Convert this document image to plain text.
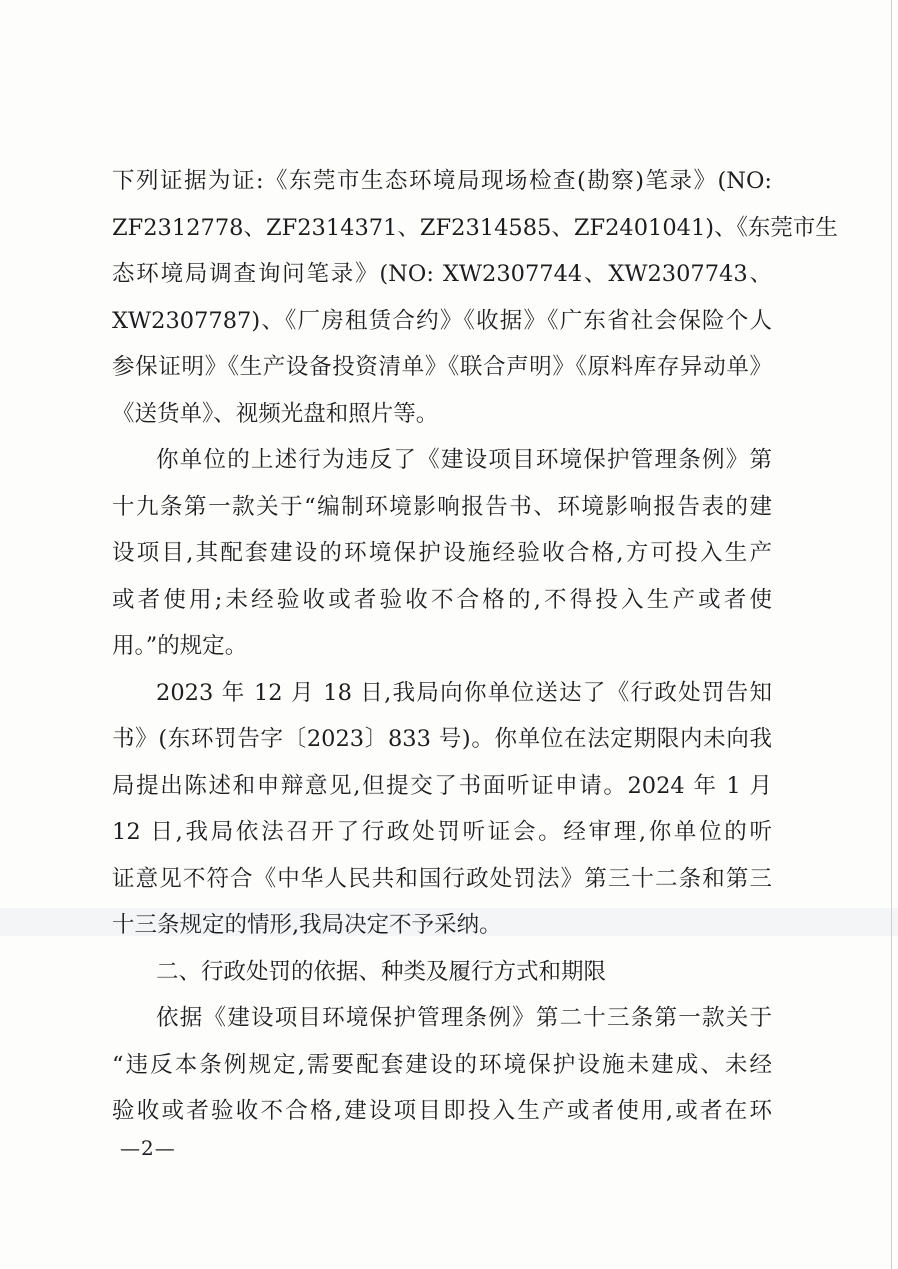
下列证据为证:《东莞市生态环境局现场检查(勘察)笔录》(NO:
ZF2312778、ZF2314371、ZF2314585、ZF2401041)、《东莞市生
态环境局调查询问笔录》(NO: XW2307744、XW2307743、
XW2307787)、《厂房租赁合约》《收据》《广东省社会保险个人
参保证明》《生产设备投资清单》《联合声明》《原料库存异动单》
《送货单》、视频光盘和照片等。
你单位的上述行为违反了《建设项目环境保护管理条例》第
十九条第一款关于“编制环境影响报告书、环境影响报告表的建
设项目,其配套建设的环境保护设施经验收合格,方可投入生产
或者使用;未经验收或者验收不合格的,不得投入生产或者使
用。”的规定。
2023 年 12 月 18 日,我局向你单位送达了《行政处罚告知
书》(东环罚告字〔2023〕833 号)。你单位在法定期限内未向我
局提出陈述和申辩意见,但提交了书面听证申请。2024 年 1 月
12 日,我局依法召开了行政处罚听证会。经审理,你单位的听
证意见不符合《中华人民共和国行政处罚法》第三十二条和第三
十三条规定的情形,我局决定不予采纳。
二、行政处罚的依据、种类及履行方式和期限
依据《建设项目环境保护管理条例》第二十三条第一款关于
“违反本条例规定,需要配套建设的环境保护设施未建成、未经
验收或者验收不合格,建设项目即投入生产或者使用,或者在环
—2—
